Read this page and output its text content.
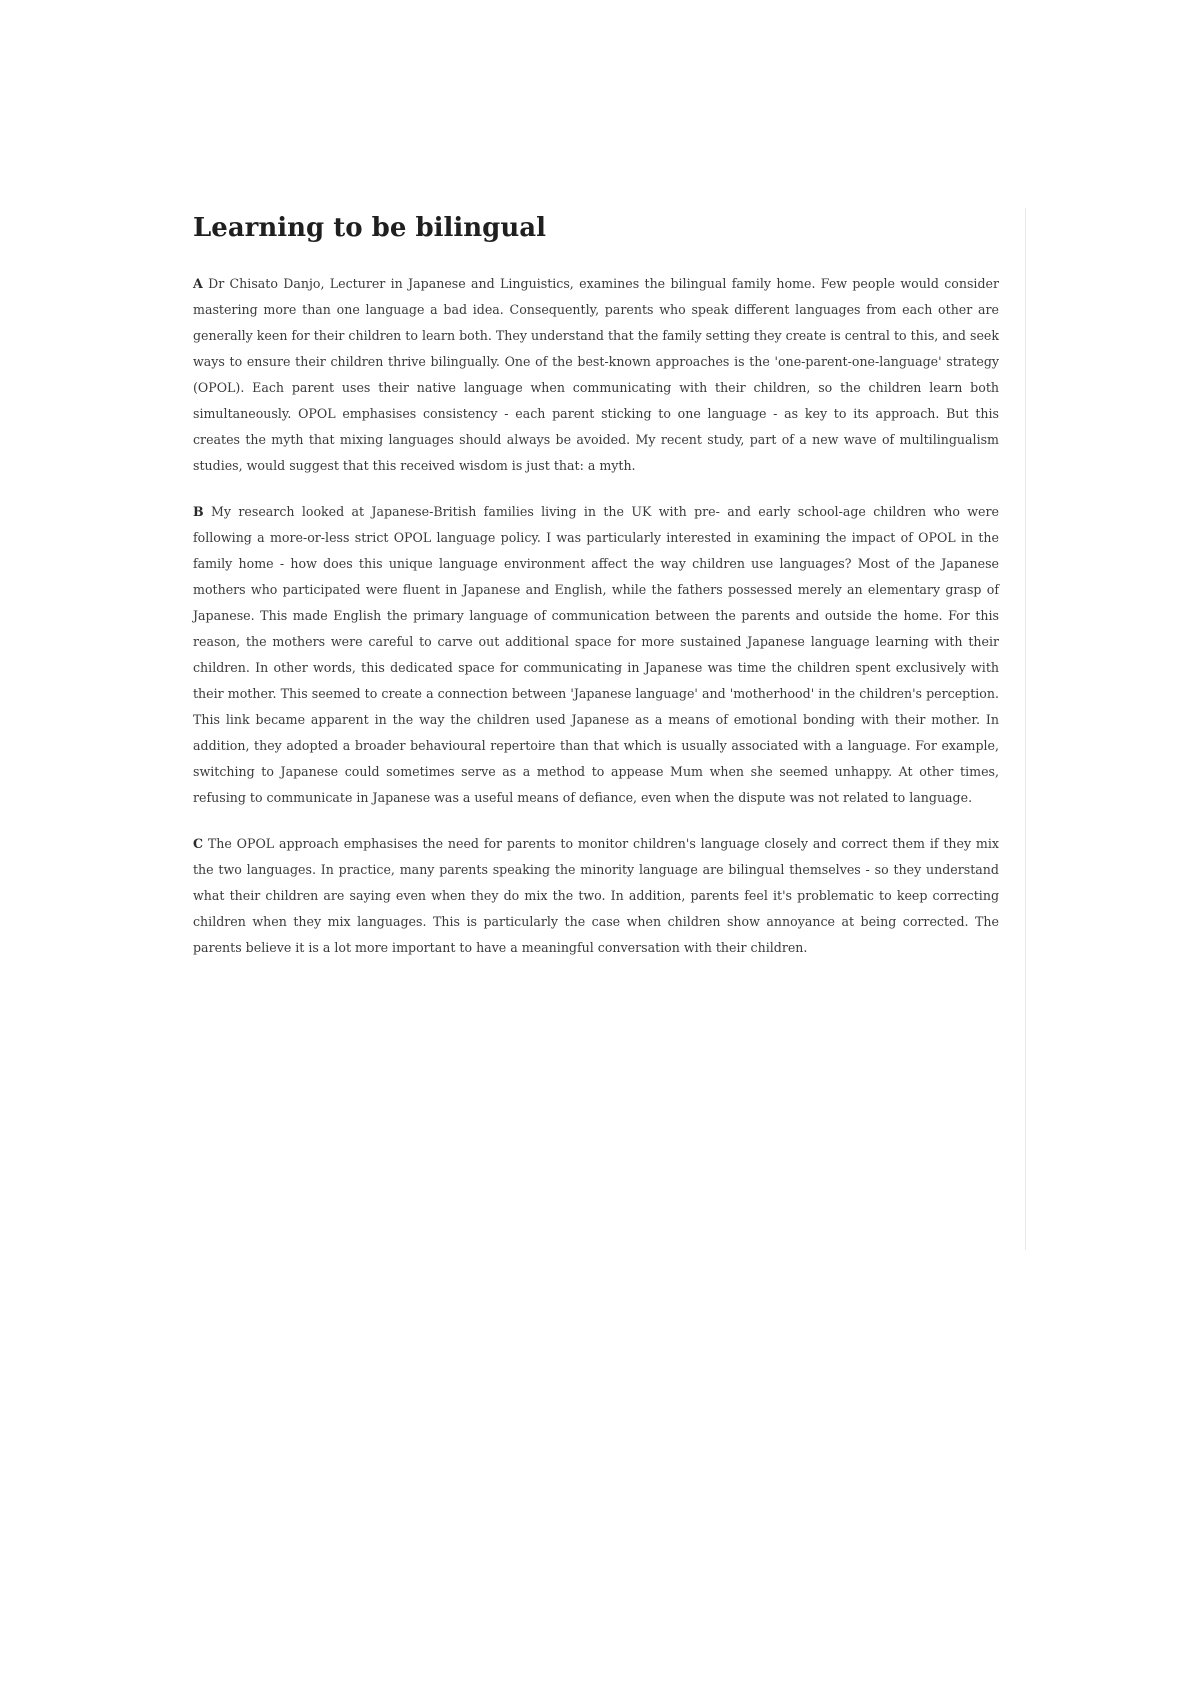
Learning to be bilingual

A Dr Chisato Danjo, Lecturer in Japanese and Linguistics, examines the bilingual family home. Few people would consider mastering more than one language a bad idea. Consequently, parents who speak different languages from each other are generally keen for their children to learn both. They understand that the family setting they create is central to this, and seek ways to ensure their children thrive bilingually. One of the best-known approaches is the 'one-parent-one-language' strategy (OPOL). Each parent uses their native language when communicating with their children, so the children learn both simultaneously. OPOL emphasises consistency - each parent sticking to one language - as key to its approach. But this creates the myth that mixing languages should always be avoided. My recent study, part of a new wave of multilingualism studies, would suggest that this received wisdom is just that: a myth.

B My research looked at Japanese-British families living in the UK with pre- and early school-age children who were following a more-or-less strict OPOL language policy. I was particularly interested in examining the impact of OPOL in the family home - how does this unique language environment affect the way children use languages? Most of the Japanese mothers who participated were fluent in Japanese and English, while the fathers possessed merely an elementary grasp of Japanese. This made English the primary language of communication between the parents and outside the home. For this reason, the mothers were careful to carve out additional space for more sustained Japanese language learning with their children. In other words, this dedicated space for communicating in Japanese was time the children spent exclusively with their mother. This seemed to create a connection between 'Japanese language' and 'motherhood' in the children's perception. This link became apparent in the way the children used Japanese as a means of emotional bonding with their mother. In addition, they adopted a broader behavioural repertoire than that which is usually associated with a language. For example, switching to Japanese could sometimes serve as a method to appease Mum when she seemed unhappy. At other times, refusing to communicate in Japanese was a useful means of defiance, even when the dispute was not related to language.

C The OPOL approach emphasises the need for parents to monitor children's language closely and correct them if they mix the two languages. In practice, many parents speaking the minority language are bilingual themselves - so they understand what their children are saying even when they do mix the two. In addition, parents feel it's problematic to keep correcting children when they mix languages. This is particularly the case when children show annoyance at being corrected. The parents believe it is a lot more important to have a meaningful conversation with their children.
